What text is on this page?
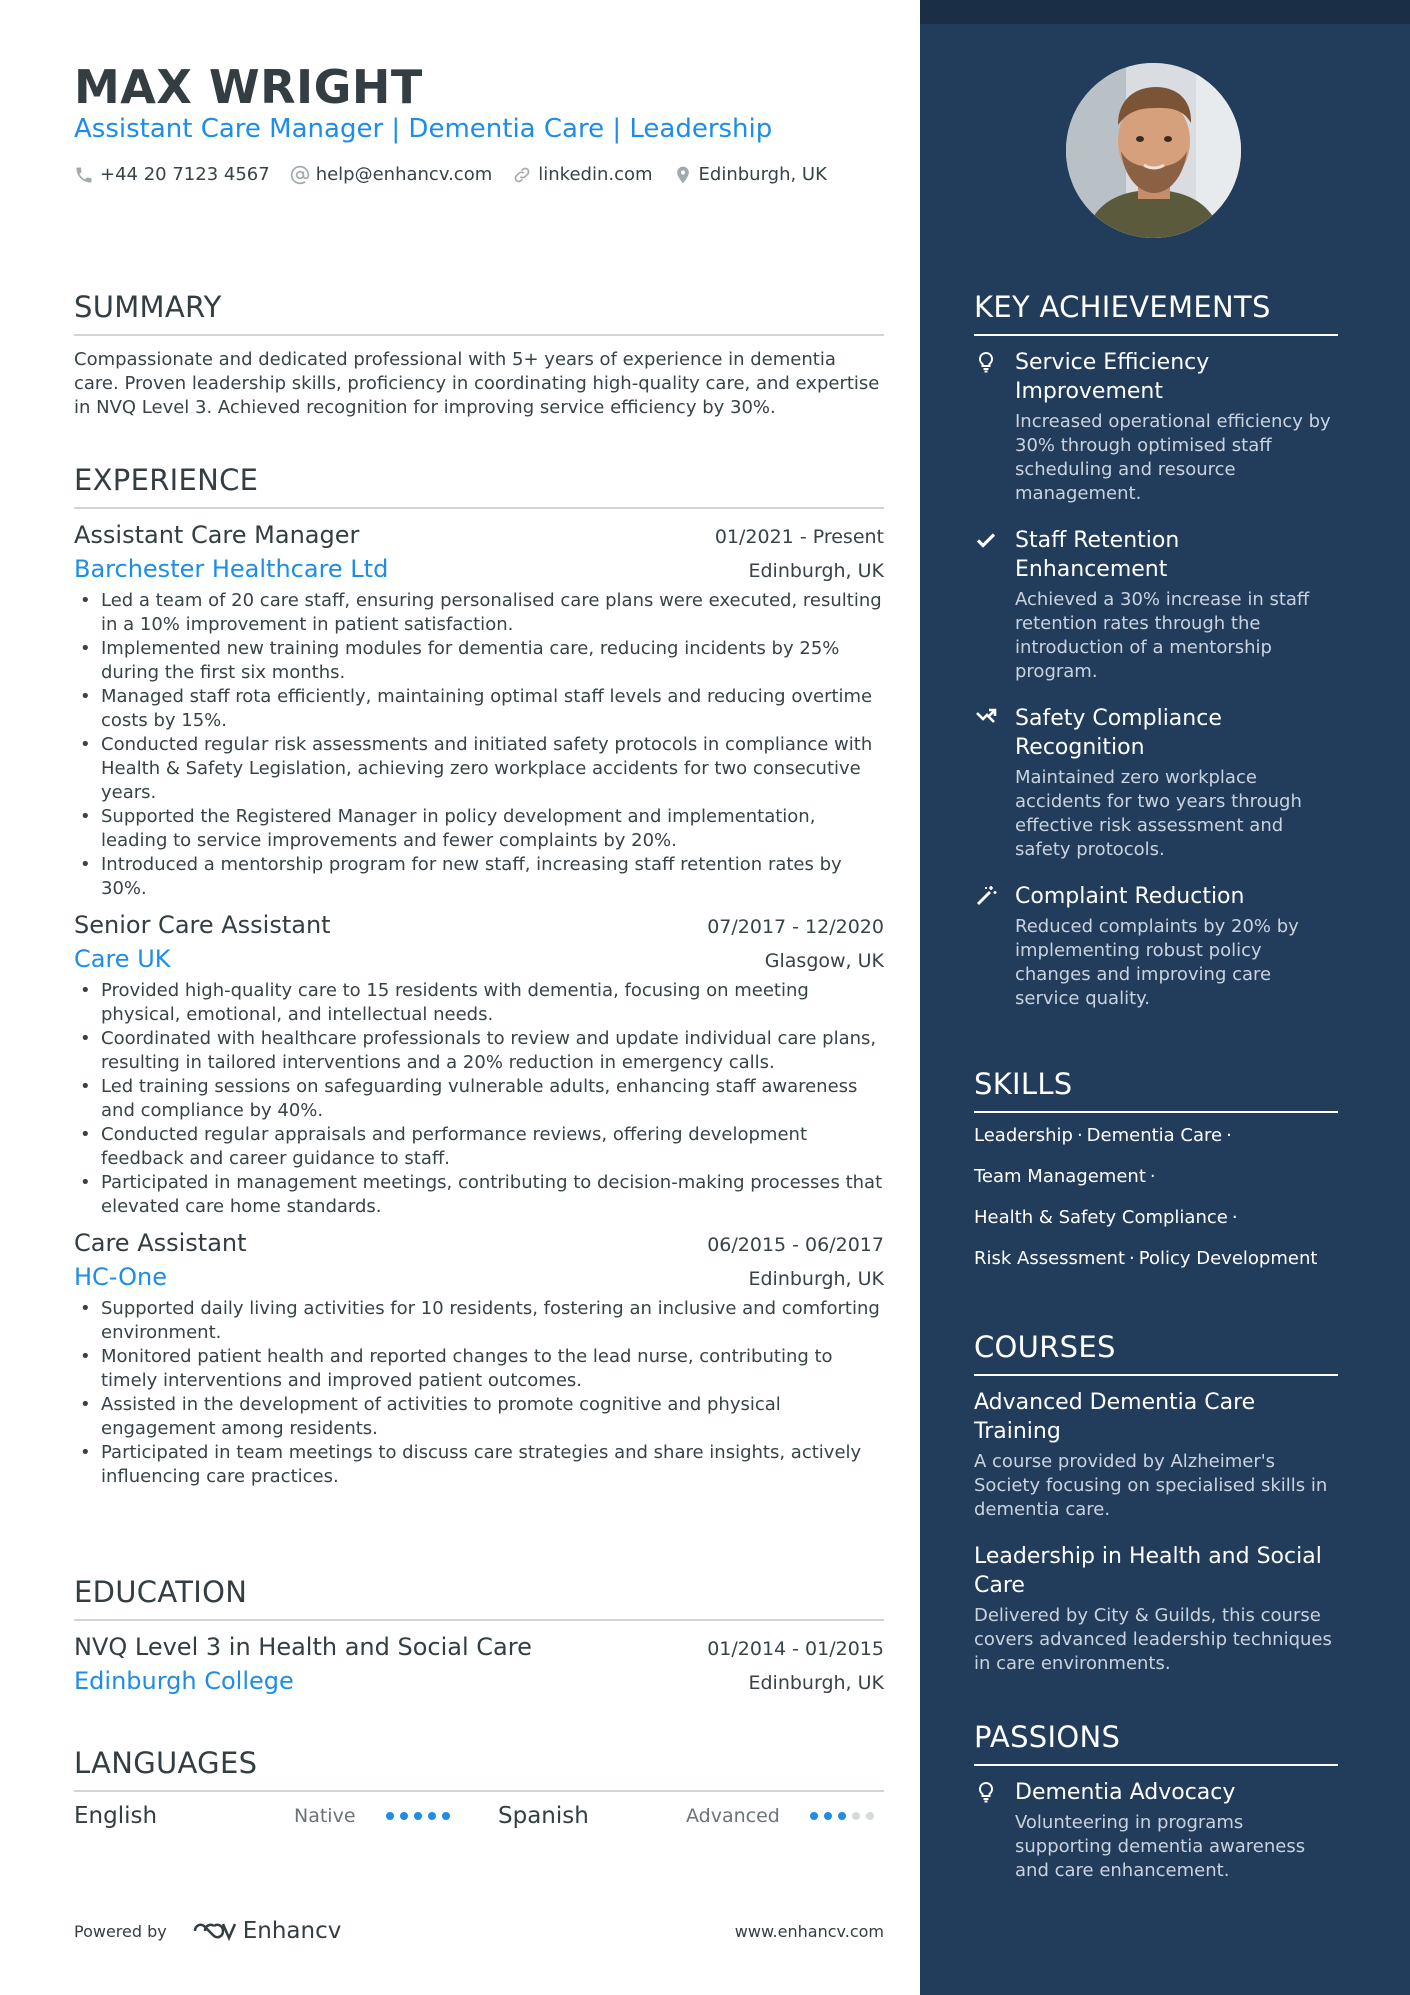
MAX WRIGHT
Assistant Care Manager | Dementia Care | Leadership
+44 20 7123 4567	help@enhancv.com	linkedin.com	Edinburgh, UK
SUMMARY
Compassionate and dedicated professional with 5+ years of experience in dementia care. Proven leadership skills, proficiency in coordinating high-quality care, and expertise in NVQ Level 3. Achieved recognition for improving service efficiency by 30%.
EXPERIENCE
Assistant Care Manager	01/2021 - Present
Barchester Healthcare Ltd	Edinburgh, UK
• Led a team of 20 care staff, ensuring personalised care plans were executed, resulting in a 10% improvement in patient satisfaction.
• Implemented new training modules for dementia care, reducing incidents by 25% during the first six months.
• Managed staff rota efficiently, maintaining optimal staff levels and reducing overtime costs by 15%.
• Conducted regular risk assessments and initiated safety protocols in compliance with Health & Safety Legislation, achieving zero workplace accidents for two consecutive years.
• Supported the Registered Manager in policy development and implementation, leading to service improvements and fewer complaints by 20%.
• Introduced a mentorship program for new staff, increasing staff retention rates by 30%.
Senior Care Assistant	07/2017 - 12/2020
Care UK	Glasgow, UK
• Provided high-quality care to 15 residents with dementia, focusing on meeting physical, emotional, and intellectual needs.
• Coordinated with healthcare professionals to review and update individual care plans, resulting in tailored interventions and a 20% reduction in emergency calls.
• Led training sessions on safeguarding vulnerable adults, enhancing staff awareness and compliance by 40%.
• Conducted regular appraisals and performance reviews, offering development feedback and career guidance to staff.
• Participated in management meetings, contributing to decision-making processes that elevated care home standards.
Care Assistant	06/2015 - 06/2017
HC-One	Edinburgh, UK
• Supported daily living activities for 10 residents, fostering an inclusive and comforting environment.
• Monitored patient health and reported changes to the lead nurse, contributing to timely interventions and improved patient outcomes.
• Assisted in the development of activities to promote cognitive and physical engagement among residents.
• Participated in team meetings to discuss care strategies and share insights, actively influencing care practices.
EDUCATION
NVQ Level 3 in Health and Social Care	01/2014 - 01/2015
Edinburgh College	Edinburgh, UK
LANGUAGES
English	Native	Spanish	Advanced
Powered by	Enhancv	www.enhancv.com
KEY ACHIEVEMENTS
Service Efficiency Improvement
Increased operational efficiency by 30% through optimised staff scheduling and resource management.
Staff Retention Enhancement
Achieved a 30% increase in staff retention rates through the introduction of a mentorship program.
Safety Compliance Recognition
Maintained zero workplace accidents for two years through effective risk assessment and safety protocols.
Complaint Reduction
Reduced complaints by 20% by implementing robust policy changes and improving care service quality.
SKILLS
Leadership · Dementia Care ·
Team Management ·
Health & Safety Compliance ·
Risk Assessment · Policy Development
COURSES
Advanced Dementia Care Training
A course provided by Alzheimer's Society focusing on specialised skills in dementia care.
Leadership in Health and Social Care
Delivered by City & Guilds, this course covers advanced leadership techniques in care environments.
PASSIONS
Dementia Advocacy
Volunteering in programs supporting dementia awareness and care enhancement.
